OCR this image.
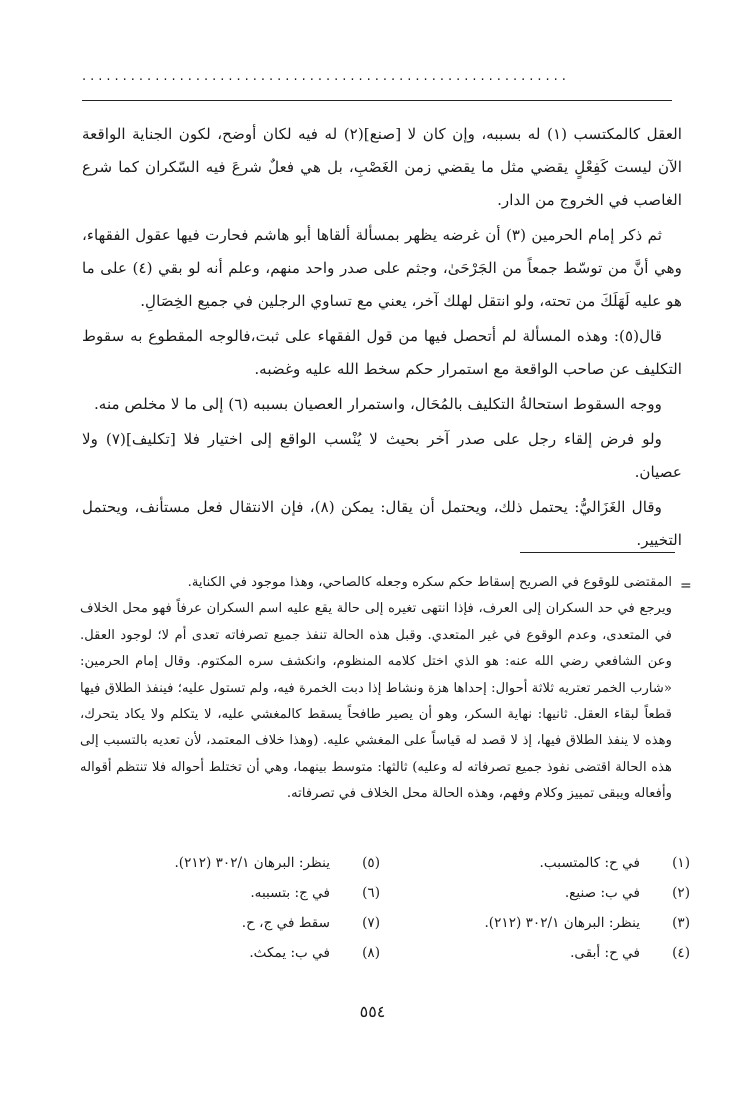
............................................................

العقل كالمكتسب (١) له بسببه، وإن كان لا [صنع](٢) له فيه لكان أوضح، لكون الجناية الواقعة الآن ليست كَفِعْلٍ يقضي مثل ما يقضي زمن الغَصْبِ، بل هي فعلٌ شرعَ فيه السّكران كما شرع الغاصب في الخروج من الدار.

ثم ذكر إمام الحرمين (٣) أن غرضه يظهر بمسألة ألقاها أبو هاشم فحارت فيها عقول الفقهاء، وهي أنَّ من توسّط جمعاً من الجَرْحَىٰ، وجثم على صدر واحد منهم، وعلم أنه لو بقي (٤) على ما هو عليه لَهَلَكَ من تحته، ولو انتقل لهلك آخر، يعني مع تساوي الرجلين في جميع الخِصَالِ.

قال(٥): وهذه المسألة لم أتحصل فيها من قول الفقهاء على ثبت،فالوجه المقطوع به سقوط التكليف عن صاحب الواقعة مع استمرار حكم سخط الله عليه وغضبه.

ووجه السقوط استحالةُ التكليف بالمُحَال، واستمرار العصيان بسببه (٦) إلى ما لا مخلص منه.

ولو فرض إلقاء رجل على صدر آخر بحيث لا يُنْسب الواقع إلى اختيار فلا [تكليف](٧) ولا عصيان.

وقال الغَزَاليُّ: يحتمل ذلك، ويحتمل أن يقال: يمكن (٨)، فإن الانتقال فعل مستأنف، ويحتمل التخيير.

=

المقتضى للوقوع في الصريح إسقاط حكم سكره وجعله كالصاحي، وهذا موجود في الكناية.

ويرجع في حد السكران إلى العرف، فإذا انتهى تغيره إلى حالة يقع عليه اسم السكران عرفاً فهو محل الخلاف في المتعدى، وعدم الوقوع في غير المتعدي. وقبل هذه الحالة تنفذ جميع تصرفاته تعدى أم لا؛ لوجود العقل. وعن الشافعي رضي الله عنه: هو الذي اختل كلامه المنظوم، وانكشف سره المكتوم. وقال إمام الحرمين: «شارب الخمر تعتريه ثلاثة أحوال: إحداها هزة ونشاط إذا دبت الخمرة فيه، ولم تستول عليه؛ فينفذ الطلاق فيها قطعاً لبقاء العقل. ثانيها: نهاية السكر، وهو أن يصير طافحاً يسقط كالمغشي عليه، لا يتكلم ولا يكاد يتحرك، وهذه لا ينفذ الطلاق فيها، إذ لا قصد له قياساً على المغشي عليه. (وهذا خلاف المعتمد، لأن تعديه بالتسبب إلى هذه الحالة اقتضى نفوذ جميع تصرفاته له وعليه) ثالثها: متوسط بينهما، وهي أن تختلط أحواله فلا تنتظم أقواله وأفعاله ويبقى تمييز وكلام وفهم، وهذه الحالة محل الخلاف في تصرفاته.

(١)
في ح: كالمتسبب.
(٢)
في ب: صنيع.
(٣)
ينظر: البرهان ٣٠٢/١ (٢١٢).
(٤)
في ح: أبقى.
(٥)
ينظر: البرهان ٣٠٢/١ (٢١٢).
(٦)
في ج: بتسببه.
(٧)
سقط في ج، ح.
(٨)
في ب: يمكث.
٥٥٤
